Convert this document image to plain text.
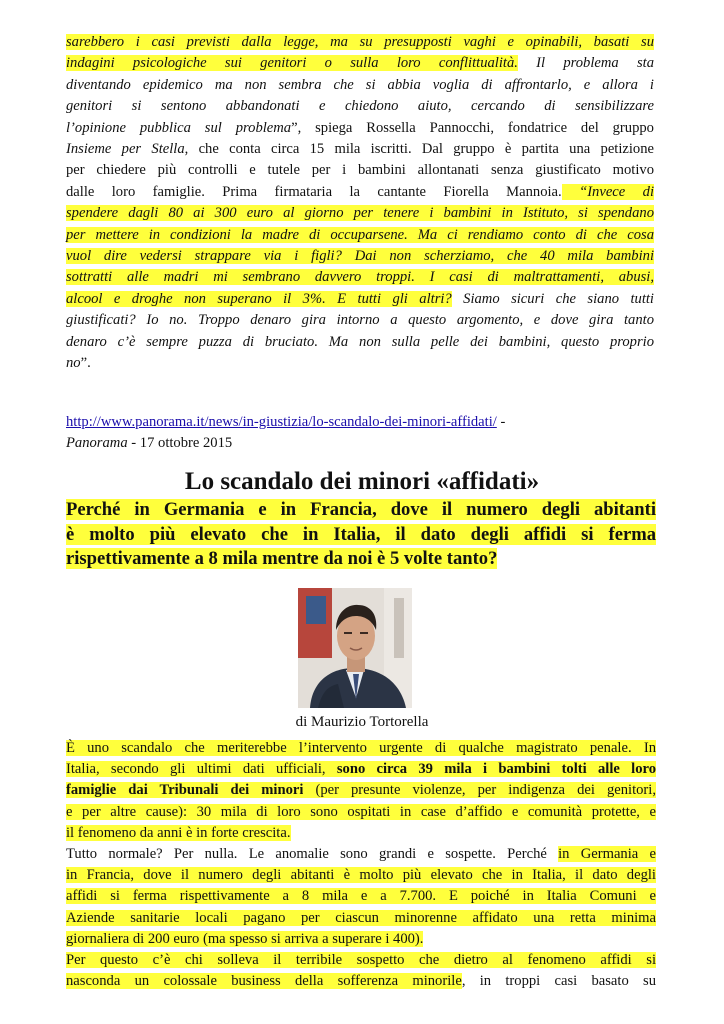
sarebbero i casi previsti dalla legge, ma su presupposti vaghi e opinabili, basati su
indagini psicologiche sui genitori o sulla loro conflittualità. Il problema sta
diventando epidemico ma non sembra che si abbia voglia di affrontarlo, e allora i
genitori si sentono abbandonati e chiedono aiuto, cercando di sensibilizzare
l’opinione pubblica sul problema”, spiega Rossella Pannocchi, fondatrice del gruppo
Insieme per Stella, che conta circa 15 mila iscritti. Dal gruppo è partita una petizione
per chiedere più controlli e tutele per i bambini allontanati senza giustificato motivo
dalle loro famiglie. Prima firmataria la cantante Fiorella Mannoia. “Invece di
spendere dagli 80 ai 300 euro al giorno per tenere i bambini in Istituto, si spendano
per mettere in condizioni la madre di occuparsene. Ma ci rendiamo conto di che cosa
vuol dire vedersi strappare via i figli? Dai non scherziamo, che 40 mila bambini
sottratti alle madri mi sembrano davvero troppi. I casi di maltrattamenti, abusi,
alcool e droghe non superano il 3%. E tutti gli altri? Siamo sicuri che siano tutti
giustificati? Io no. Troppo denaro gira intorno a questo argomento, e dove gira tanto
denaro c’è sempre puzza di bruciato. Ma non sulla pelle dei bambini, questo proprio
no”.
http://www.panorama.it/news/in-giustizia/lo-scandalo-dei-minori-affidati/ -
Panorama - 17 ottobre 2015
Lo scandalo dei minori «affidati»
Perché in Germania e in Francia, dove il numero degli abitanti
è molto più elevato che in Italia, il dato degli affidi si ferma
rispettivamente a 8 mila mentre da noi è 5 volte tanto?
di Maurizio Tortorella
È uno scandalo che meriterebbe l’intervento urgente di qualche magistrato penale. In
Italia, secondo gli ultimi dati ufficiali, sono circa 39 mila i bambini tolti alle loro
famiglie dai Tribunali dei minori (per presunte violenze, per indigenza dei genitori,
e per altre cause): 30 mila di loro sono ospitati in case d’affido e comunità protette, e
il fenomeno da anni è in forte crescita.
Tutto normale? Per nulla. Le anomalie sono grandi e sospette. Perché in Germania e
in Francia, dove il numero degli abitanti è molto più elevato che in Italia, il dato degli
affidi si ferma rispettivamente a 8 mila e a 7.700. E poiché in Italia Comuni e
Aziende sanitarie locali pagano per ciascun minorenne affidato una retta minima
giornaliera di 200 euro (ma spesso si arriva a superare i 400).
Per questo c’è chi solleva il terribile sospetto che dietro al fenomeno affidi si
nasconda un colossale business della sofferenza minorile, in troppi casi basato su
